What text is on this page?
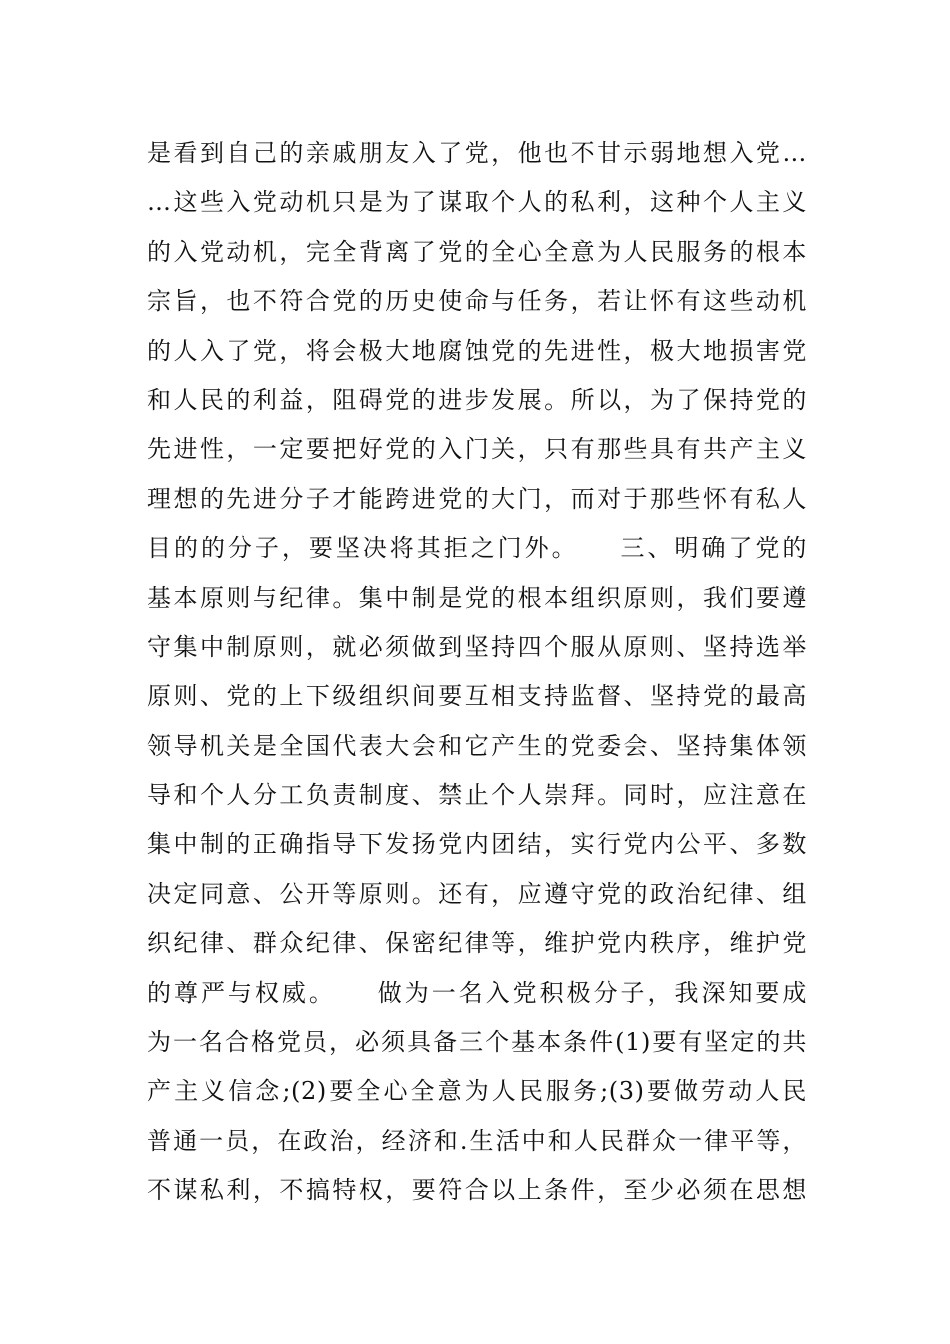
是看到自己的亲戚朋友入了党，他也不甘示弱地想入党…
…这些入党动机只是为了谋取个人的私利，这种个人主义
的入党动机，完全背离了党的全心全意为人民服务的根本
宗旨，也不符合党的历史使命与任务，若让怀有这些动机
的人入了党，将会极大地腐蚀党的先进性，极大地损害党
和人民的利益，阻碍党的进步发展。所以，为了保持党的
先进性，一定要把好党的入门关，只有那些具有共产主义
理想的先进分子才能跨进党的大门，而对于那些怀有私人
目的的分子，要坚决将其拒之门外。　　三、明确了党的
基本原则与纪律。集中制是党的根本组织原则，我们要遵
守集中制原则，就必须做到坚持四个服从原则、坚持选举
原则、党的上下级组织间要互相支持监督、坚持党的最高
领导机关是全国代表大会和它产生的党委会、坚持集体领
导和个人分工负责制度、禁止个人崇拜。同时，应注意在
集中制的正确指导下发扬党内团结，实行党内公平、多数
决定同意、公开等原则。还有，应遵守党的政治纪律、组
织纪律、群众纪律、保密纪律等，维护党内秩序，维护党
的尊严与权威。　　做为一名入党积极分子，我深知要成
为一名合格党员，必须具备三个基本条件(1)要有坚定的共
产主义信念;(2)要全心全意为人民服务;(3)要做劳动人民
普通一员，在政治，经济和.生活中和人民群众一律平等，
不谋私利，不搞特权，要符合以上条件，至少必须在思想
